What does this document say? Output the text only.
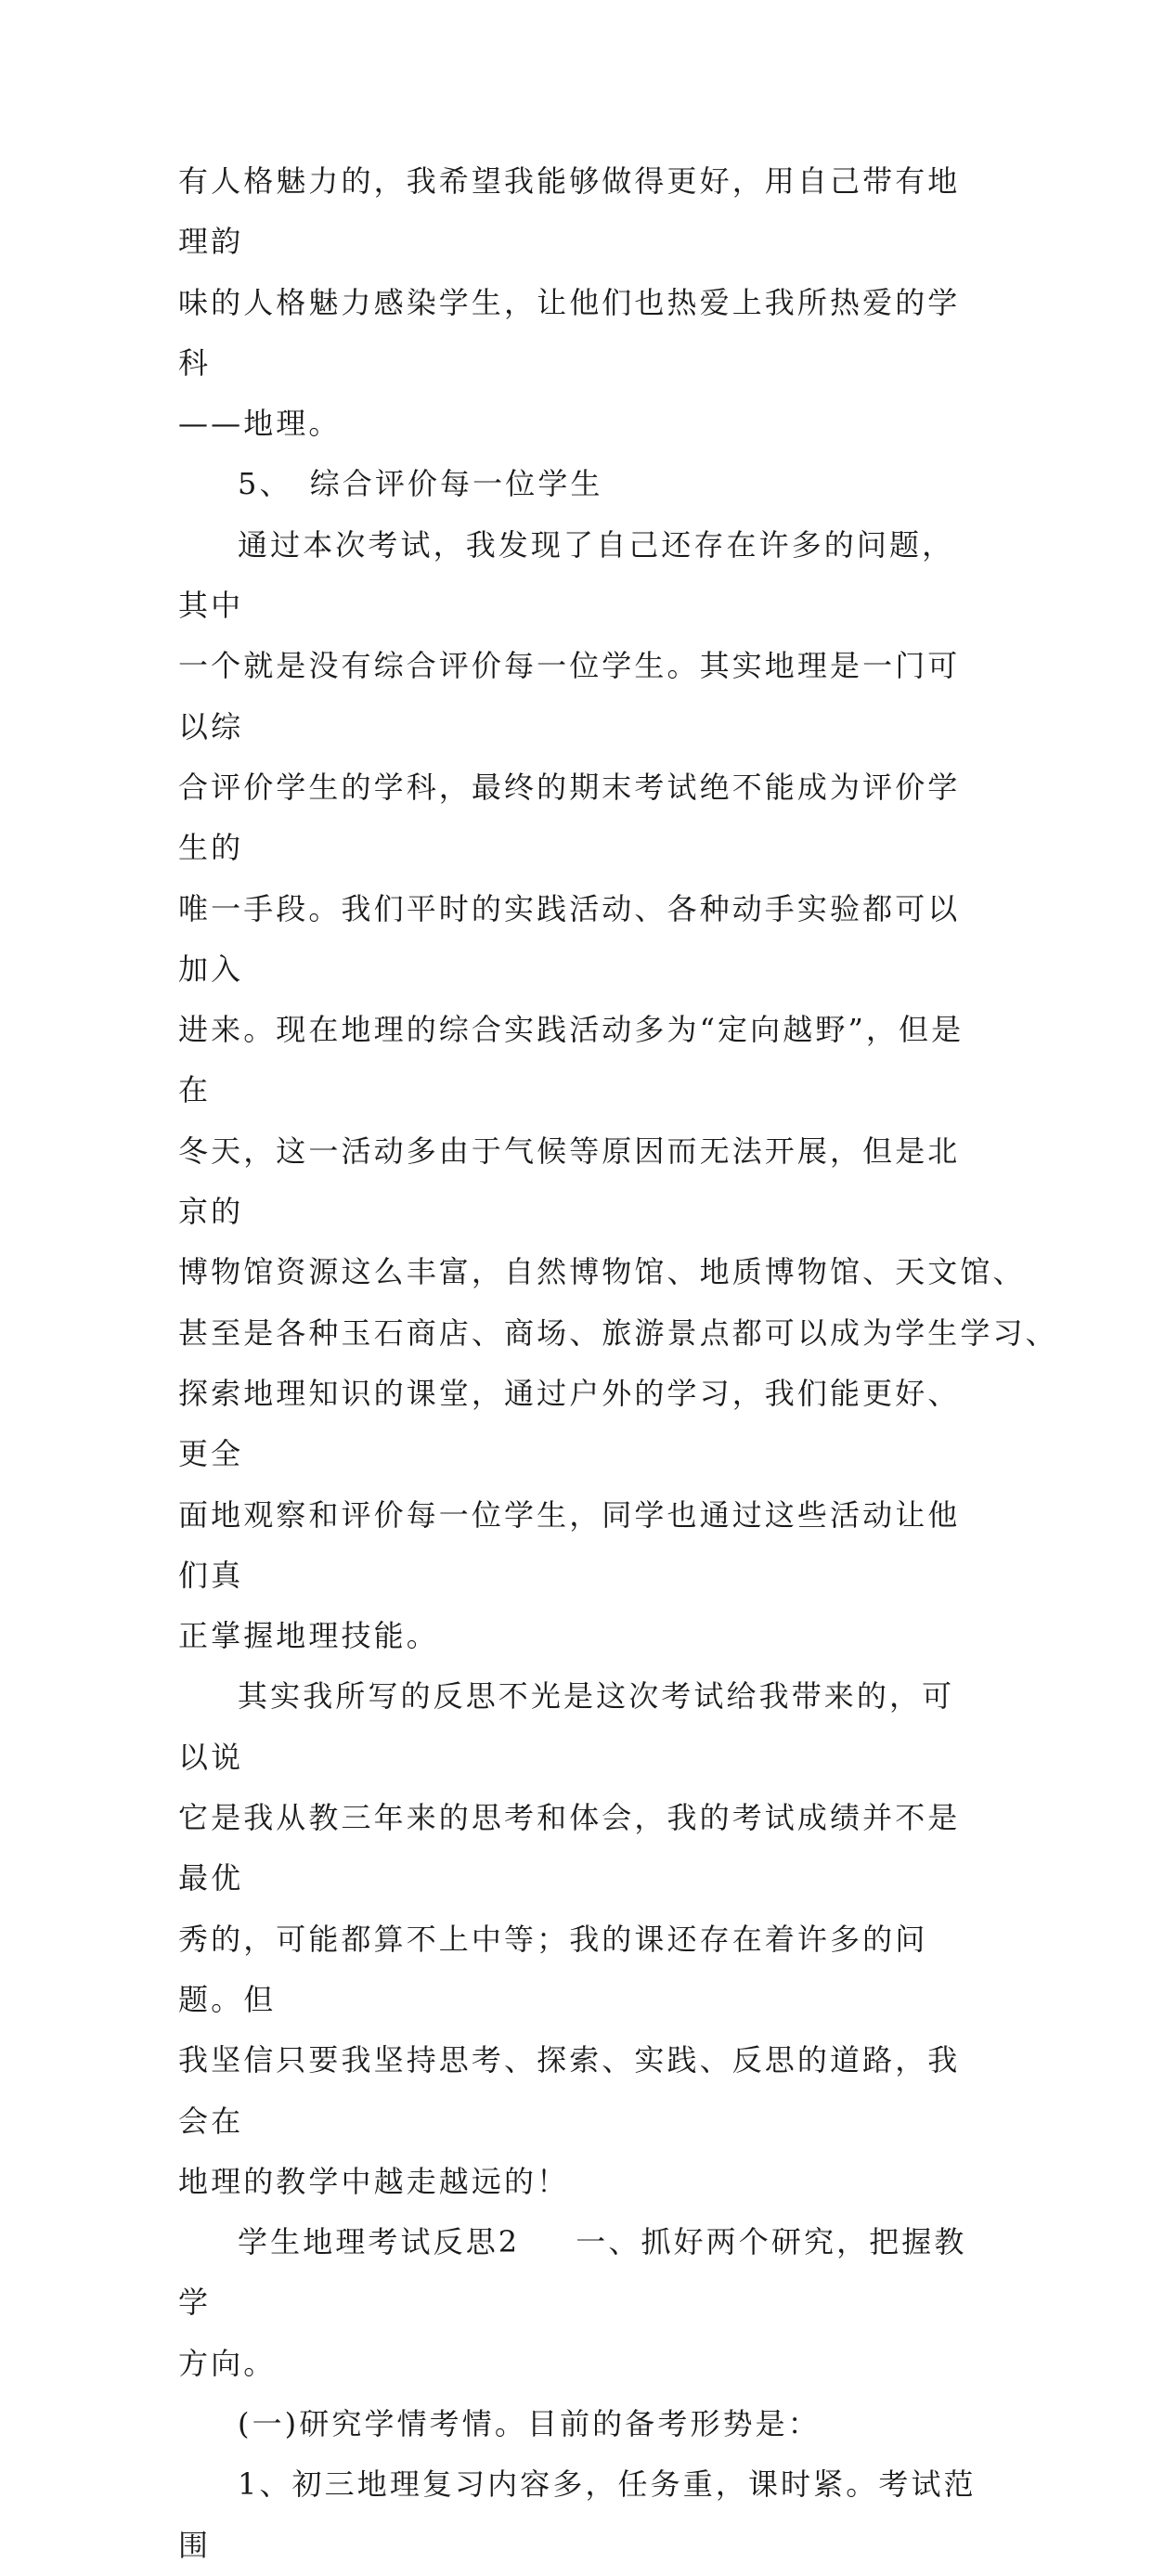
有人格魅力的，我希望我能够做得更好，用自己带有地理韵

味的人格魅力感染学生，让他们也热爱上我所热爱的学科

——地理。

5、　综合评价每一位学生

通过本次考试，我发现了自己还存在许多的问题，其中

一个就是没有综合评价每一位学生。其实地理是一门可以综

合评价学生的学科，最终的期末考试绝不能成为评价学生的

唯一手段。我们平时的实践活动、各种动手实验都可以加入

进来。现在地理的综合实践活动多为“定向越野”，但是在

冬天，这一活动多由于气候等原因而无法开展，但是北京的

博物馆资源这么丰富，自然博物馆、地质博物馆、天文馆、

甚至是各种玉石商店、商场、旅游景点都可以成为学生学习、

探索地理知识的课堂，通过户外的学习，我们能更好、更全

面地观察和评价每一位学生，同学也通过这些活动让他们真

正掌握地理技能。

其实我所写的反思不光是这次考试给我带来的，可以说

它是我从教三年来的思考和体会，我的考试成绩并不是最优

秀的，可能都算不上中等；我的课还存在着许多的问题。但

我坚信只要我坚持思考、探索、实践、反思的道路，我会在

地理的教学中越走越远的！

学生地理考试反思2 一、抓好两个研究，把握教学

方向。

(一)研究学情考情。目前的备考形势是：

1、初三地理复习内容多，任务重，课时紧。考试范围
